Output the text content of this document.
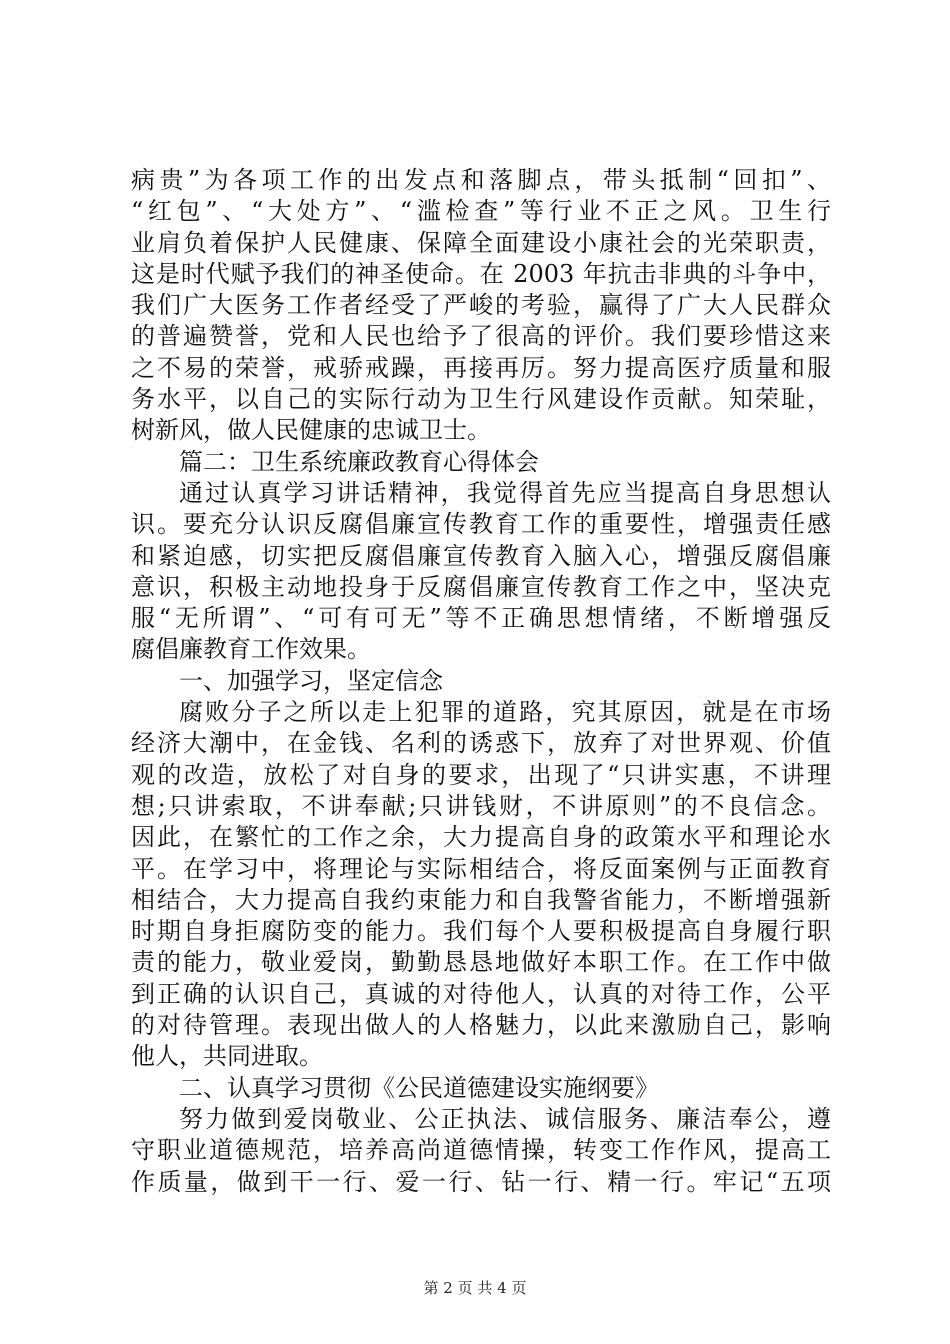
病贵”为各项工作的出发点和落脚点，带头抵制“回扣”、
“红包”、“大处方”、“滥检查”等行业不正之风。卫生行
业肩负着保护人民健康、保障全面建设小康社会的光荣职责，
这是时代赋予我们的神圣使命。在 2003 年抗击非典的斗争中，
我们广大医务工作者经受了严峻的考验，赢得了广大人民群众
的普遍赞誉，党和人民也给予了很高的评价。我们要珍惜这来
之不易的荣誉，戒骄戒躁，再接再厉。努力提高医疗质量和服
务水平，以自己的实际行动为卫生行风建设作贡献。知荣耻，
树新风，做人民健康的忠诚卫士。
篇二：卫生系统廉政教育心得体会
通过认真学习讲话精神，我觉得首先应当提高自身思想认
识。要充分认识反腐倡廉宣传教育工作的重要性，增强责任感
和紧迫感，切实把反腐倡廉宣传教育入脑入心，增强反腐倡廉
意识，积极主动地投身于反腐倡廉宣传教育工作之中，坚决克
服“无所谓”、“可有可无”等不正确思想情绪，不断增强反
腐倡廉教育工作效果。
一、加强学习，坚定信念
腐败分子之所以走上犯罪的道路，究其原因，就是在市场
经济大潮中，在金钱、名利的诱惑下，放弃了对世界观、价值
观的改造，放松了对自身的要求，出现了“只讲实惠，不讲理
想;只讲索取，不讲奉献;只讲钱财，不讲原则”的不良信念。
因此，在繁忙的工作之余，大力提高自身的政策水平和理论水
平。在学习中，将理论与实际相结合，将反面案例与正面教育
相结合，大力提高自我约束能力和自我警省能力，不断增强新
时期自身拒腐防变的能力。我们每个人要积极提高自身履行职
责的能力，敬业爱岗，勤勤恳恳地做好本职工作。在工作中做
到正确的认识自己，真诚的对待他人，认真的对待工作，公平
的对待管理。表现出做人的人格魅力，以此来激励自己，影响
他人，共同进取。
二、认真学习贯彻《公民道德建设实施纲要》
努力做到爱岗敬业、公正执法、诚信服务、廉洁奉公，遵
守职业道德规范，培养高尚道德情操，转变工作作风，提高工
作质量，做到干一行、爱一行、钻一行、精一行。牢记“五项
第 2 页 共 4 页
